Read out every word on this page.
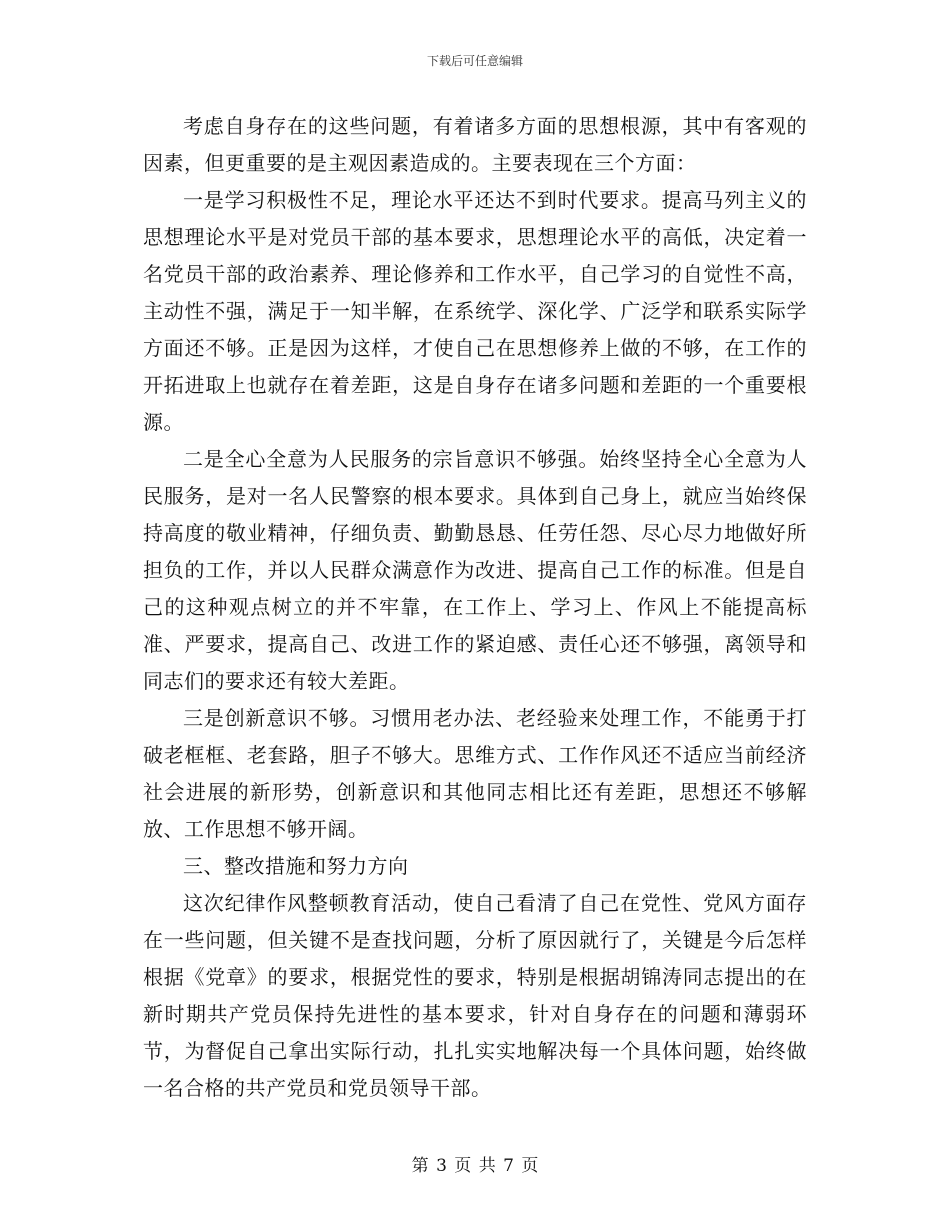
下载后可任意编辑

考虑自身存在的这些问题，有着诸多方面的思想根源，其中有客观的因素，但更重要的是主观因素造成的。主要表现在三个方面：

一是学习积极性不足，理论水平还达不到时代要求。提高马列主义的思想理论水平是对党员干部的基本要求，思想理论水平的高低，决定着一名党员干部的政治素养、理论修养和工作水平，自己学习的自觉性不高，主动性不强，满足于一知半解，在系统学、深化学、广泛学和联系实际学方面还不够。正是因为这样，才使自己在思想修养上做的不够，在工作的开拓进取上也就存在着差距，这是自身存在诸多问题和差距的一个重要根源。

二是全心全意为人民服务的宗旨意识不够强。始终坚持全心全意为人民服务，是对一名人民警察的根本要求。具体到自己身上，就应当始终保持高度的敬业精神，仔细负责、勤勤恳恳、任劳任怨、尽心尽力地做好所担负的工作，并以人民群众满意作为改进、提高自己工作的标准。但是自己的这种观点树立的并不牢靠，在工作上、学习上、作风上不能提高标准、严要求，提高自己、改进工作的紧迫感、责任心还不够强，离领导和同志们的要求还有较大差距。

三是创新意识不够。习惯用老办法、老经验来处理工作，不能勇于打破老框框、老套路，胆子不够大。思维方式、工作作风还不适应当前经济社会进展的新形势，创新意识和其他同志相比还有差距，思想还不够解放、工作思想不够开阔。

三、整改措施和努力方向

这次纪律作风整顿教育活动，使自己看清了自己在党性、党风方面存在一些问题，但关键不是查找问题，分析了原因就行了，关键是今后怎样根据《党章》的要求，根据党性的要求，特别是根据胡锦涛同志提出的在新时期共产党员保持先进性的基本要求，针对自身存在的问题和薄弱环节，为督促自己拿出实际行动，扎扎实实地解决每一个具体问题，始终做一名合格的共产党员和党员领导干部。

第 3 页 共 7 页
